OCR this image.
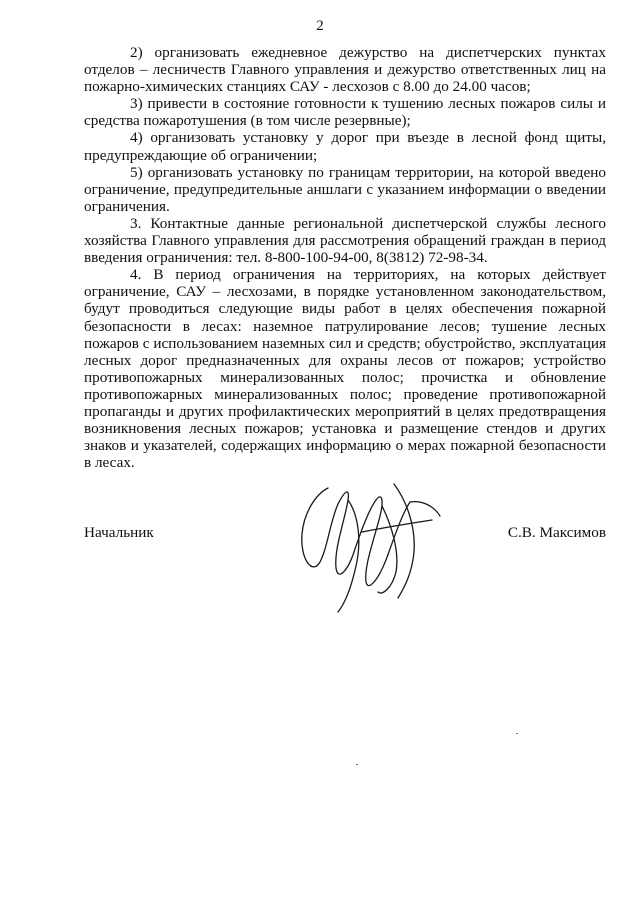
2

2) организовать ежедневное дежурство на диспетчерских пунктах отделов – лесничеств Главного управления и дежурство ответственных лиц на пожарно-химических станциях САУ - лесхозов с 8.00 до 24.00 часов;

3) привести в состояние готовности к тушению лесных пожаров силы и средства пожаротушения (в том числе резервные);

4) организовать установку у дорог при въезде в лесной фонд щиты, предупреждающие об ограничении;

5) организовать установку по границам территории, на которой введено ограничение, предупредительные аншлаги с указанием информации о введении ограничения.

3. Контактные данные региональной диспетчерской службы лесного хозяйства Главного управления для рассмотрения обращений граждан в период введения ограничения: тел. 8-800-100-94-00, 8(3812) 72-98-34.

4. В период ограничения на территориях, на которых действует ограничение, САУ – лесхозами, в порядке установленном законодательством, будут проводиться следующие виды работ в целях обеспечения пожарной безопасности в лесах: наземное патрулирование лесов; тушение лесных пожаров с использованием наземных сил и средств; обустройство, эксплуатация лесных дорог предназначенных для охраны лесов от пожаров; устройство противопожарных минерализованных полос; прочистка и обновление противопожарных минерализованных полос; проведение противопожарной пропаганды и других профилактических мероприятий в целях предотвращения возникновения лесных пожаров; установка и размещение стендов и других знаков и указателей, содержащих информацию о мерах пожарной безопасности в лесах.

Начальник	С.В. Максимов
